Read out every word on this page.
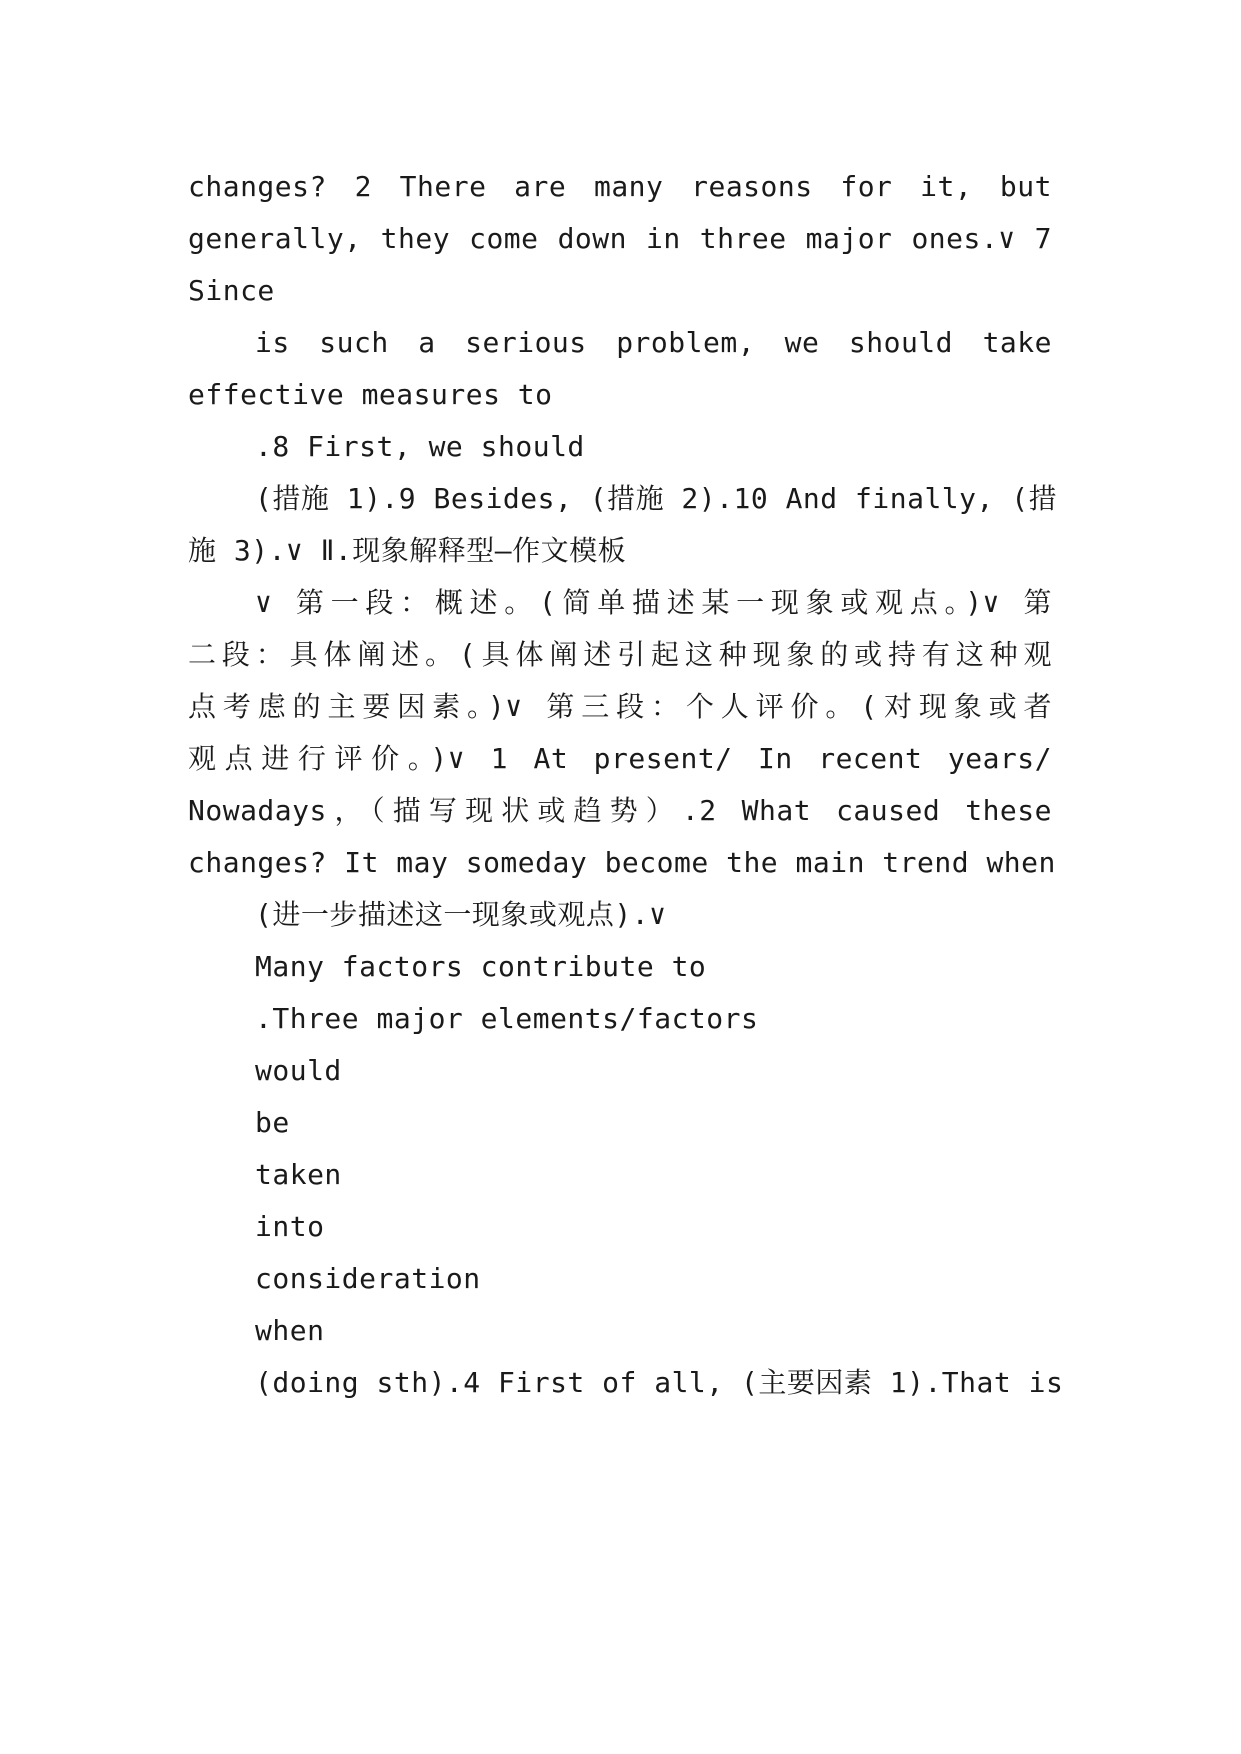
changes? 2 There are many reasons for it, but
generally, they come down in three major ones.∨ 7
Since
is such a serious problem, we should take
effective measures to
.8 First, we should
(措施 1).9 Besides, (措施 2).10 And finally, (措
施 3).∨ Ⅱ.现象解释型—作文模板
∨ 第一段：概述。(简单描述某一现象或观点。)∨ 第
二段：具体阐述。(具体阐述引起这种现象的或持有这种观
点考虑的主要因素。)∨ 第三段：个人评价。(对现象或者
观点进行评价。)∨ 1 At present/ In recent years/
Nowadays，（描写现状或趋势）.2 What caused these
changes? It may someday become the main trend when
(进一步描述这一现象或观点).∨
Many factors contribute to
.Three major elements/factors
would
be
taken
into
consideration
when
(doing sth).4 First of all, (主要因素 1).That is
